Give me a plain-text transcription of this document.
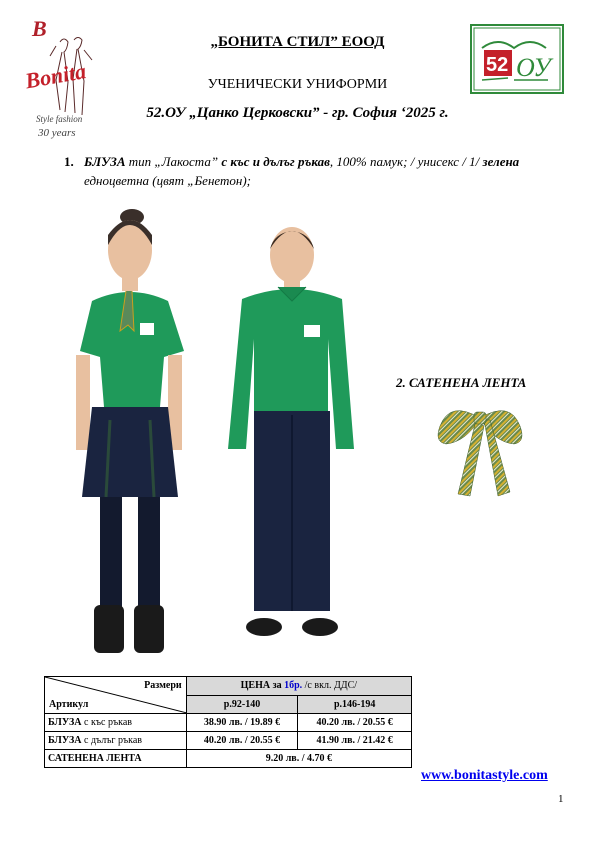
B
Bonita
Style fashion
30 years
52 ОУ
„БОНИТА СТИЛ” ЕООД
УЧЕНИЧЕСКИ УНИФОРМИ
52.ОУ „Цанко Церковски” - гр. София ‘2025 г.
1. БЛУЗА тип „Лакоста” с къс и дълъг ръкав, 100% памук; / унисекс / 1/ зелена едноцветна (цвят „Бенетон);
2. САТЕНЕНА ЛЕНТА
Размери
Артикул	ЦЕНА за 1бр. /с вкл. ДДС/	
	р.92-140	р.146-194
БЛУЗА с къс ръкав	38.90 лв. / 19.89 €	40.20 лв. / 20.55 €
БЛУЗА с дълъг ръкав	40.20 лв. / 20.55 €	41.90 лв. / 21.42 €
САТЕНЕНА ЛЕНТА	9.20 лв. / 4.70 €	
www.bonitastyle.com
1
